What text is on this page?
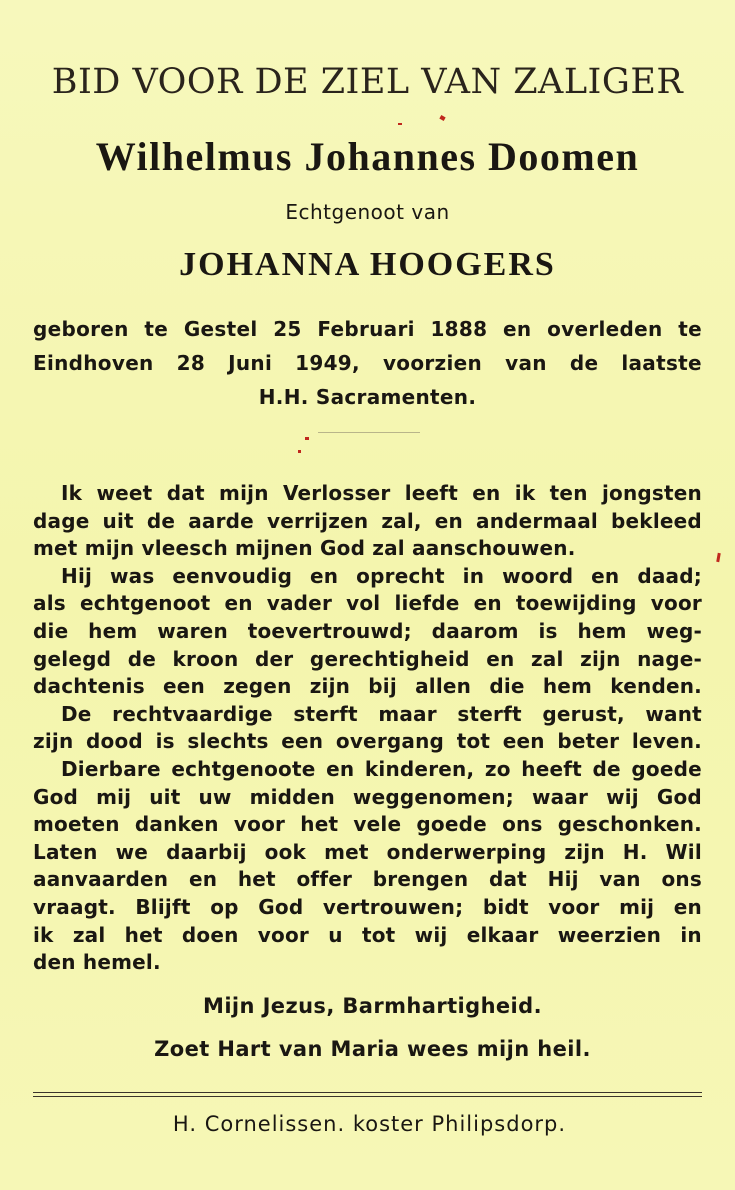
BID VOOR DE ZIEL VAN ZALIGER
Wilhelmus Johannes Doomen
Echtgenoot van
JOHANNA HOOGERS
geboren te Gestel 25 Februari 1888 en overleden te
Eindhoven 28 Juni 1949, voorzien van de laatste
H.H. Sacramenten.
Ik weet dat mijn Verlosser leeft en ik ten jongsten
dage uit de aarde verrijzen zal, en andermaal bekleed
met mijn vleesch mijnen God zal aanschouwen.
Hij was eenvoudig en oprecht in woord en daad;
als echtgenoot en vader vol liefde en toewijding voor
die hem waren toevertrouwd; daarom is hem weg-
gelegd de kroon der gerechtigheid en zal zijn nage-
dachtenis een zegen zijn bij allen die hem kenden.
De rechtvaardige sterft maar sterft gerust, want
zijn dood is slechts een overgang tot een beter leven.
Dierbare echtgenoote en kinderen, zo heeft de goede
God mij uit uw midden weggenomen; waar wij God
moeten danken voor het vele goede ons geschonken.
Laten we daarbij ook met onderwerping zijn H. Wil
aanvaarden en het offer brengen dat Hij van ons
vraagt. Blijft op God vertrouwen; bidt voor mij en
ik zal het doen voor u tot wij elkaar weerzien in
den hemel.
Mijn Jezus, Barmhartigheid.
Zoet Hart van Maria wees mijn heil.
H. Cornelissen. koster Philipsdorp.
